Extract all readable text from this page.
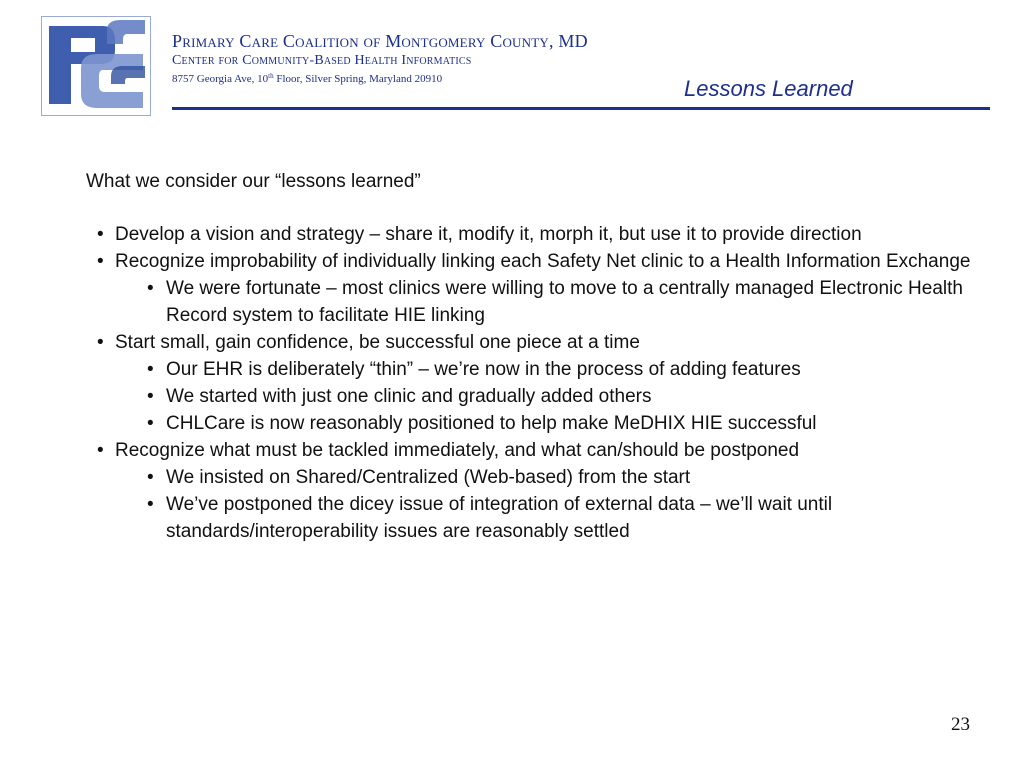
Primary Care Coalition of Montgomery County, MD
Center for Community-Based Health Informatics
8757 Georgia Ave, 10th Floor, Silver Spring, Maryland 20910	Lessons Learned

What we consider our “lessons learned”

• Develop a vision and strategy – share it, modify it, morph it, but use it to provide direction
• Recognize improbability of individually linking each Safety Net clinic to a Health Information Exchange
• We were fortunate – most clinics were willing to move to a centrally managed Electronic Health Record system to facilitate HIE linking
• Start small, gain confidence, be successful one piece at a time
• Our EHR is deliberately “thin” – we’re now in the process of adding features
• We started with just one clinic and gradually added others
• CHLCare is now reasonably positioned to help make MeDHIX HIE successful
• Recognize what must be tackled immediately, and what can/should be postponed
• We insisted on Shared/Centralized (Web-based) from the start
• We’ve postponed the dicey issue of integration of external data – we’ll wait until standards/interoperability issues are reasonably settled
23
